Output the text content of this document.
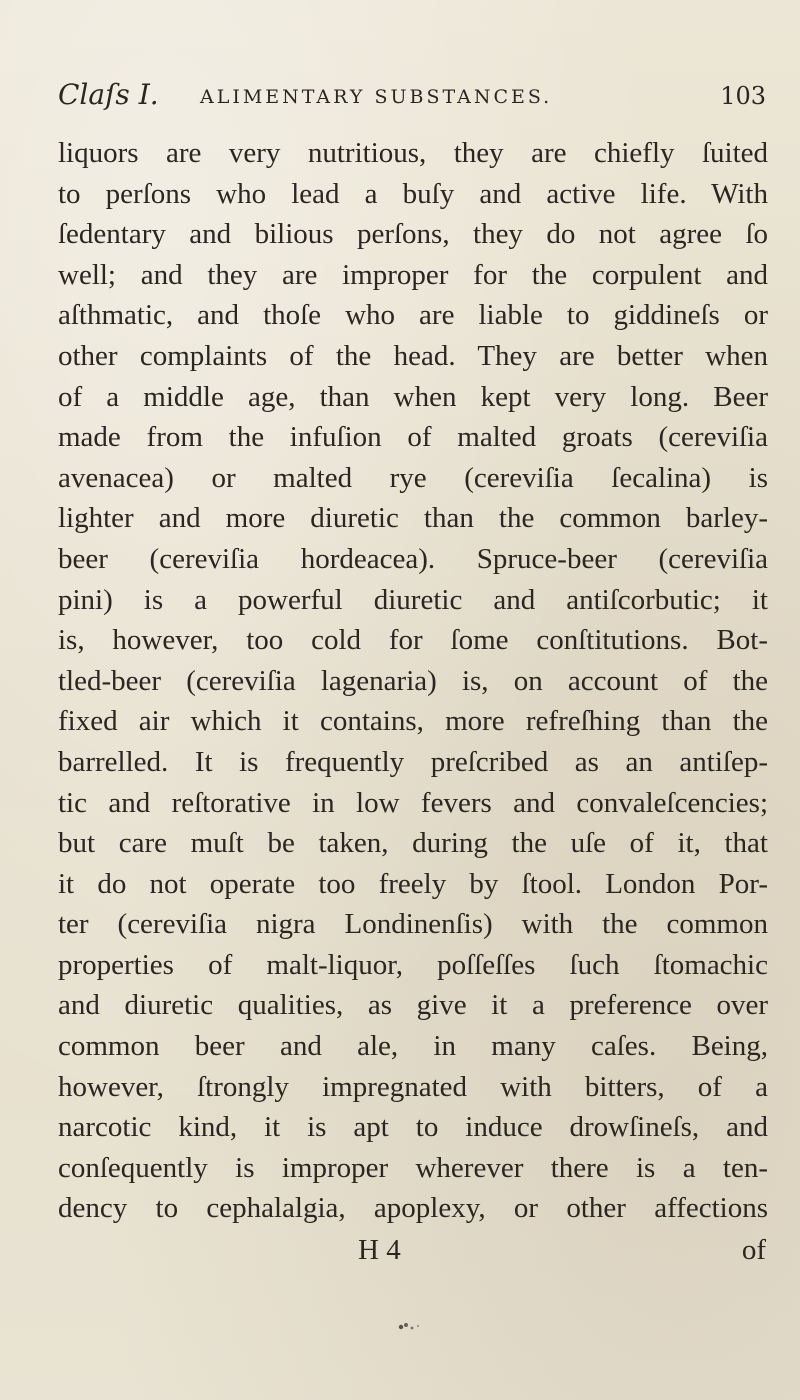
Claſs I. ALIMENTARY SUBSTANCES.	103
liquors are very nutritious, they are chiefly ſuited
to perſons who lead a buſy and active life. With
ſedentary and bilious perſons, they do not agree ſo
well; and they are improper for the corpulent and
aſthmatic, and thoſe who are liable to giddineſs or
other complaints of the head. They are better when
of a middle age, than when kept very long. Beer
made from the infuſion of malted groats (cereviſia
avenacea) or malted rye (cereviſia ſecalina) is
lighter and more diuretic than the common barley-
beer (cereviſia hordeacea). Spruce-beer (cereviſia
pini) is a powerful diuretic and antiſcorbutic; it
is, however, too cold for ſome conſtitutions. Bot-
tled-beer (cereviſia lagenaria) is, on account of the
fixed air which it contains, more refreſhing than the
barrelled. It is frequently preſcribed as an antiſep-
tic and reſtorative in low fevers and convaleſcencies;
but care muſt be taken, during the uſe of it, that
it do not operate too freely by ſtool. London Por-
ter (cereviſia nigra Londinenſis) with the common
properties of malt-liquor, poſſeſſes ſuch ſtomachic
and diuretic qualities, as give it a preference over
common beer and ale, in many caſes. Being,
however, ſtrongly impregnated with bitters, of a
narcotic kind, it is apt to induce drowſineſs, and
conſequently is improper wherever there is a ten-
dency to cephalalgia, apoplexy, or other affections
H 4	of
